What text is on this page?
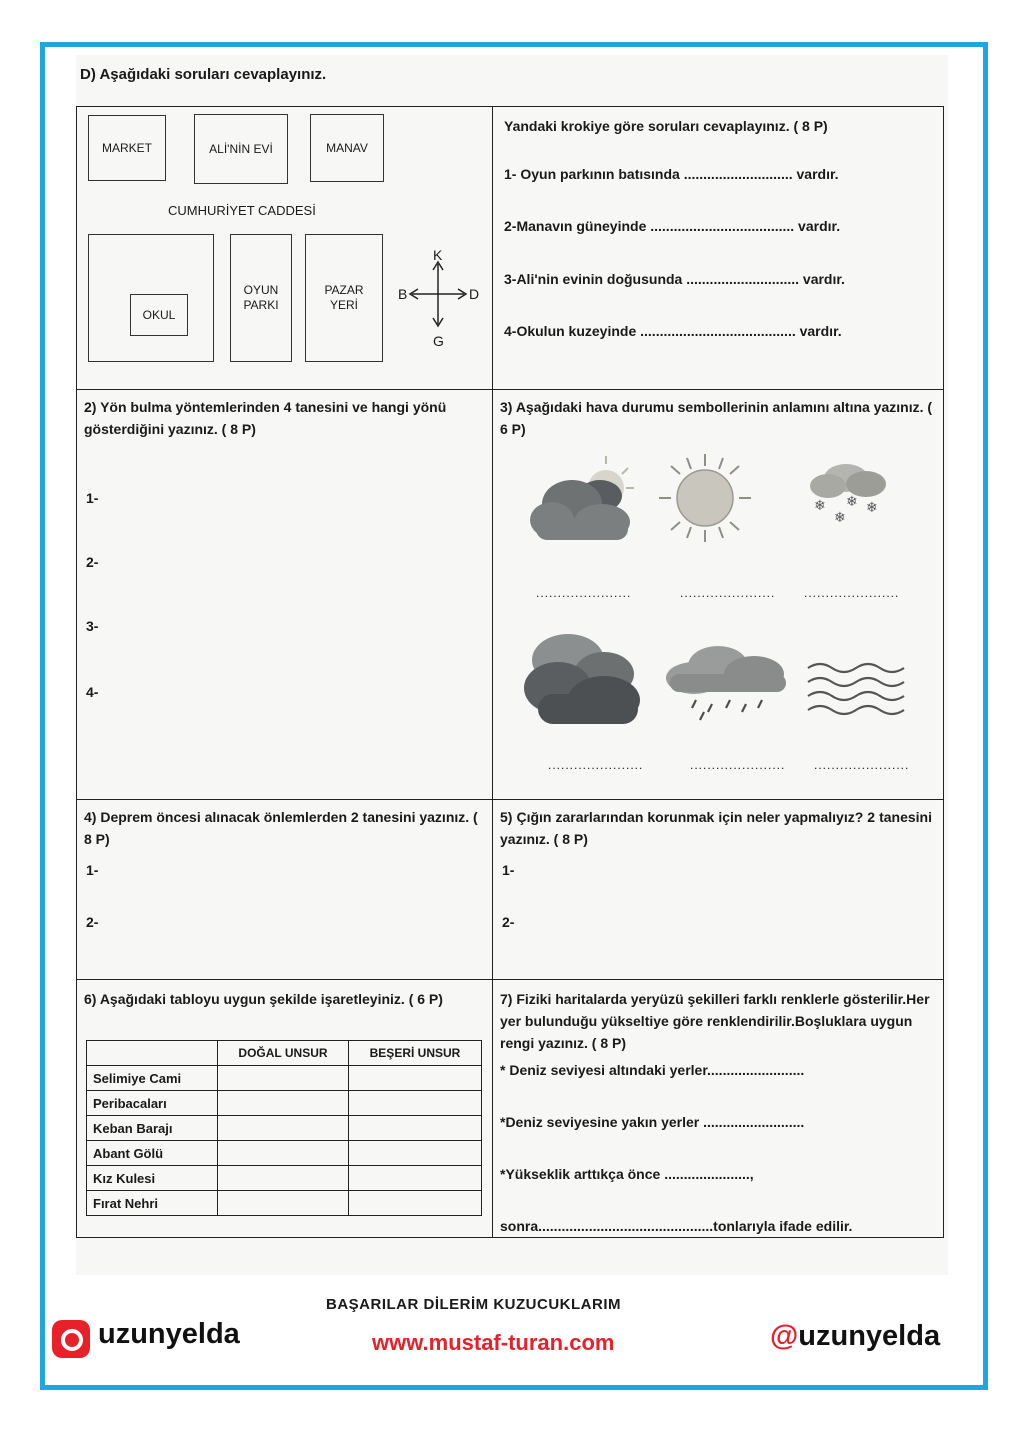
D) Aşağıdaki soruları cevaplayınız.
MARKET	ALİ'NİN EVİ	MANAV
CUMHURİYET CADDESİ
OKUL
OYUN PARKI
PAZAR YERİ
K
G
B	D
Yandaki krokiye göre soruları cevaplayınız. ( 8 P)
1- Oyun parkının batısında ............................ vardır.
2-Manavın güneyinde ..................................... vardır.
3-Ali'nin evinin doğusunda ............................. vardır.
4-Okulun kuzeyinde ........................................ vardır.
2) Yön bulma yöntemlerinden 4 tanesini ve hangi yönü gösterdiğini yazınız. ( 8 P)
1-
2-
3-
4-
3) Aşağıdaki hava durumu sembollerinin anlamını altına yazınız. ( 6 P)
❄
❄
❄ ❄
......................	...................... ......................
......................	...................... ......................
4) Deprem öncesi alınacak önlemlerden 2 tanesini yazınız. ( 8 P)
1-
2-
5) Çığın zararlarından korunmak için neler yapmalıyız? 2 tanesini yazınız. ( 8 P)
1-
2-
6) Aşağıdaki tabloyu uygun şekilde işaretleyiniz. ( 6 P)
	DOĞAL UNSUR	BEŞERİ UNSUR
Selimiye Cami		
Peribacaları		
Keban Barajı		
Abant Gölü		
Kız Kulesi		
Fırat Nehri		
7) Fiziki haritalarda yeryüzü şekilleri farklı renklerle gösterilir.Her yer bulunduğu yükseltiye göre renklendirilir.Boşluklara uygun rengi yazınız. ( 8 P)
* Deniz seviyesi altındaki yerler.........................
*Deniz seviyesine yakın yerler ..........................
*Yükseklik arttıkça önce ......................,
sonra.............................................tonlarıyla ifade edilir.
BAŞARILAR DİLERİM KUZUCUKLARIM
uzunyelda	www.mustaf-turan.com	@uzunyelda
